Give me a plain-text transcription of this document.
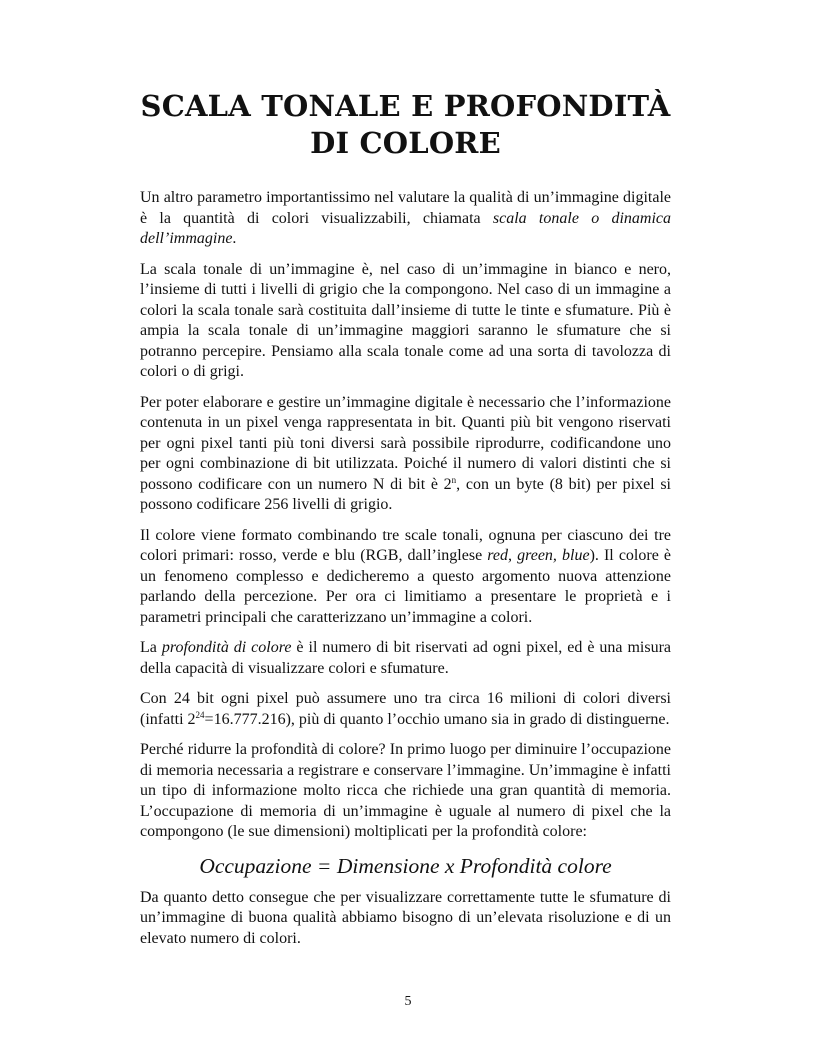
SCALA TONALE E PROFONDITÀ DI COLORE

Un altro parametro importantissimo nel valutare la qualità di un’immagine digitale è la quantità di colori visualizzabili, chiamata scala tonale o dinamica dell’immagine.

La scala tonale di un’immagine è, nel caso di un’immagine in bianco e nero, l’insieme di tutti i livelli di grigio che la compongono. Nel caso di un immagine a colori la scala tonale sarà costituita dall’insieme di tutte le tinte e sfumature. Più è ampia la scala tonale di un’immagine maggiori saranno le sfumature che si potranno percepire. Pensiamo alla scala tonale come ad una sorta di tavolozza di colori o di grigi.

Per poter elaborare e gestire un’immagine digitale è necessario che l’informazione contenuta in un pixel venga rappresentata in bit. Quanti più bit vengono riservati per ogni pixel tanti più toni diversi sarà possibile riprodurre, codificandone uno per ogni combinazione di bit utilizzata. Poiché il numero di valori distinti che si possono codificare con un numero N di bit è 2$^n$, con un byte (8 bit) per pixel si possono codificare 256 livelli di grigio.

Il colore viene formato combinando tre scale tonali, ognuna per ciascuno dei tre colori primari: rosso, verde e blu (RGB, dall’inglese red, green, blue). Il colore è un fenomeno complesso e dedicheremo a questo argomento nuova attenzione parlando della percezione. Per ora ci limitiamo a presentare le proprietà e i parametri principali che caratterizzano un’immagine a colori.

La profondità di colore è il numero di bit riservati ad ogni pixel, ed è una misura della capacità di visualizzare colori e sfumature.

Con 24 bit ogni pixel può assumere uno tra circa 16 milioni di colori diversi (infatti $2^{24}=16.777.216$), più di quanto l’occhio umano sia in grado di distinguerne.

Perché ridurre la profondità di colore? In primo luogo per diminuire l’occupazione di memoria necessaria a registrare e conservare l’immagine. Un’immagine è infatti un tipo di informazione molto ricca che richiede una gran quantità di memoria. L’occupazione di memoria di un’immagine è uguale al numero di pixel che la compongono (le sue dimensioni) moltiplicati per la profondità colore:

Occupazione = Dimensione x Profondità colore

Da quanto detto consegue che per visualizzare correttamente tutte le sfumature di un’immagine di buona qualità abbiamo bisogno di un’elevata risoluzione e di un elevato numero di colori.

5
